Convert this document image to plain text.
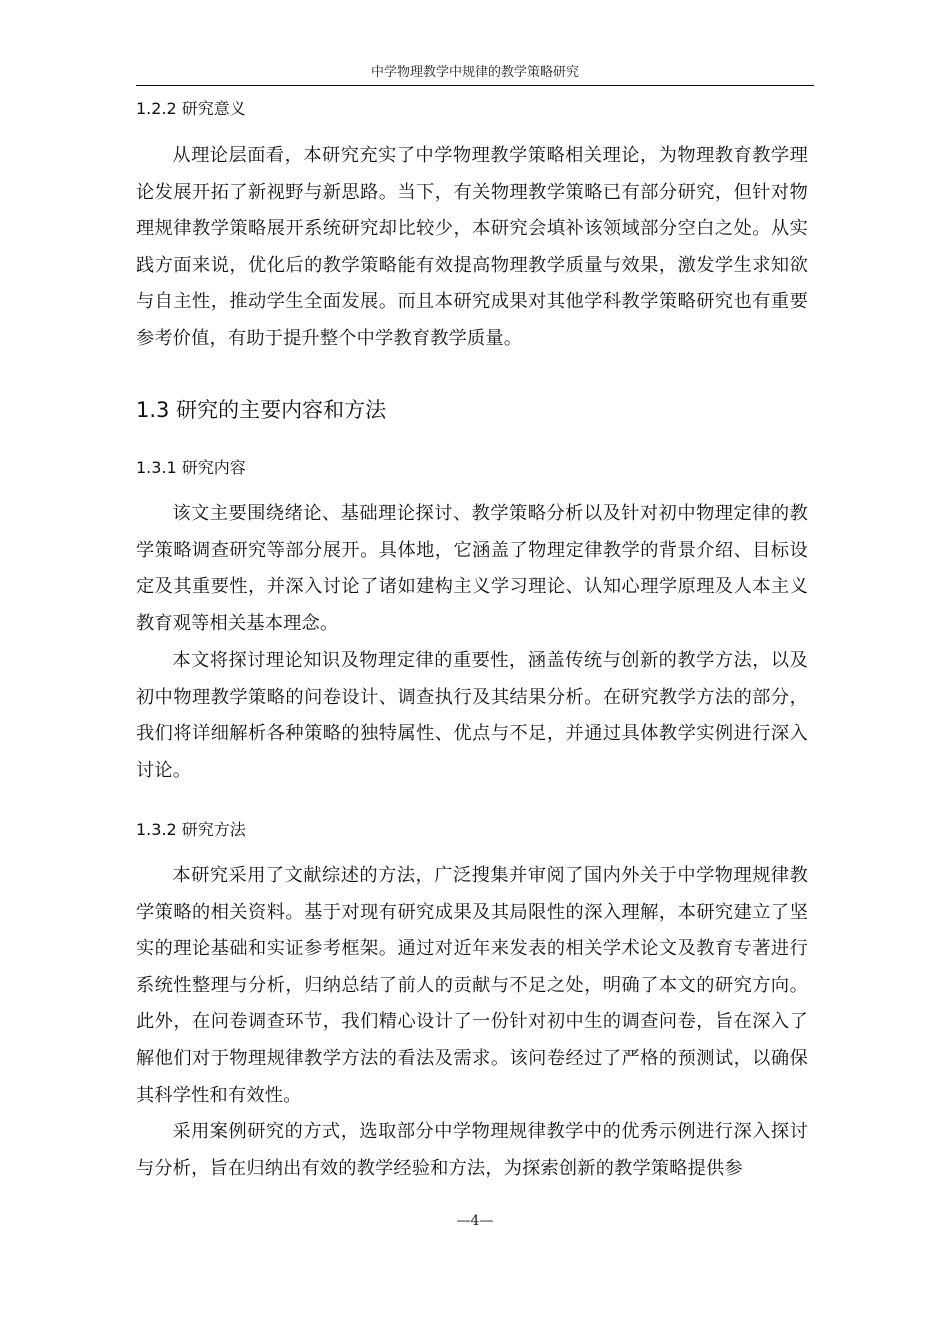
中学物理教学中规律的教学策略研究
1.2.2 研究意义

从理论层面看，本研究充实了中学物理教学策略相关理论，为物理教育教学理论发展开拓了新视野与新思路。当下，有关物理教学策略已有部分研究，但针对物理规律教学策略展开系统研究却比较少，本研究会填补该领域部分空白之处。从实践方面来说，优化后的教学策略能有效提高物理教学质量与效果，激发学生求知欲与自主性，推动学生全面发展。而且本研究成果对其他学科教学策略研究也有重要参考价值，有助于提升整个中学教育教学质量。

1.3 研究的主要内容和方法
1.3.1 研究内容

该文主要围绕绪论、基础理论探讨、教学策略分析以及针对初中物理定律的教学策略调查研究等部分展开。具体地，它涵盖了物理定律教学的背景介绍、目标设定及其重要性，并深入讨论了诸如建构主义学习理论、认知心理学原理及人本主义教育观等相关基本理念。

本文将探讨理论知识及物理定律的重要性，涵盖传统与创新的教学方法，以及初中物理教学策略的问卷设计、调查执行及其结果分析。在研究教学方法的部分，我们将详细解析各种策略的独特属性、优点与不足，并通过具体教学实例进行深入讨论。

1.3.2 研究方法

本研究采用了文献综述的方法，广泛搜集并审阅了国内外关于中学物理规律教学策略的相关资料。基于对现有研究成果及其局限性的深入理解，本研究建立了坚实的理论基础和实证参考框架。通过对近年来发表的相关学术论文及教育专著进行系统性整理与分析，归纳总结了前人的贡献与不足之处，明确了本文的研究方向。此外，在问卷调查环节，我们精心设计了一份针对初中生的调查问卷，旨在深入了解他们对于物理规律教学方法的看法及需求。该问卷经过了严格的预测试，以确保其科学性和有效性。

采用案例研究的方式，选取部分中学物理规律教学中的优秀示例进行深入探讨与分析，旨在归纳出有效的教学经验和方法，为探索创新的教学策略提供参

—4—
